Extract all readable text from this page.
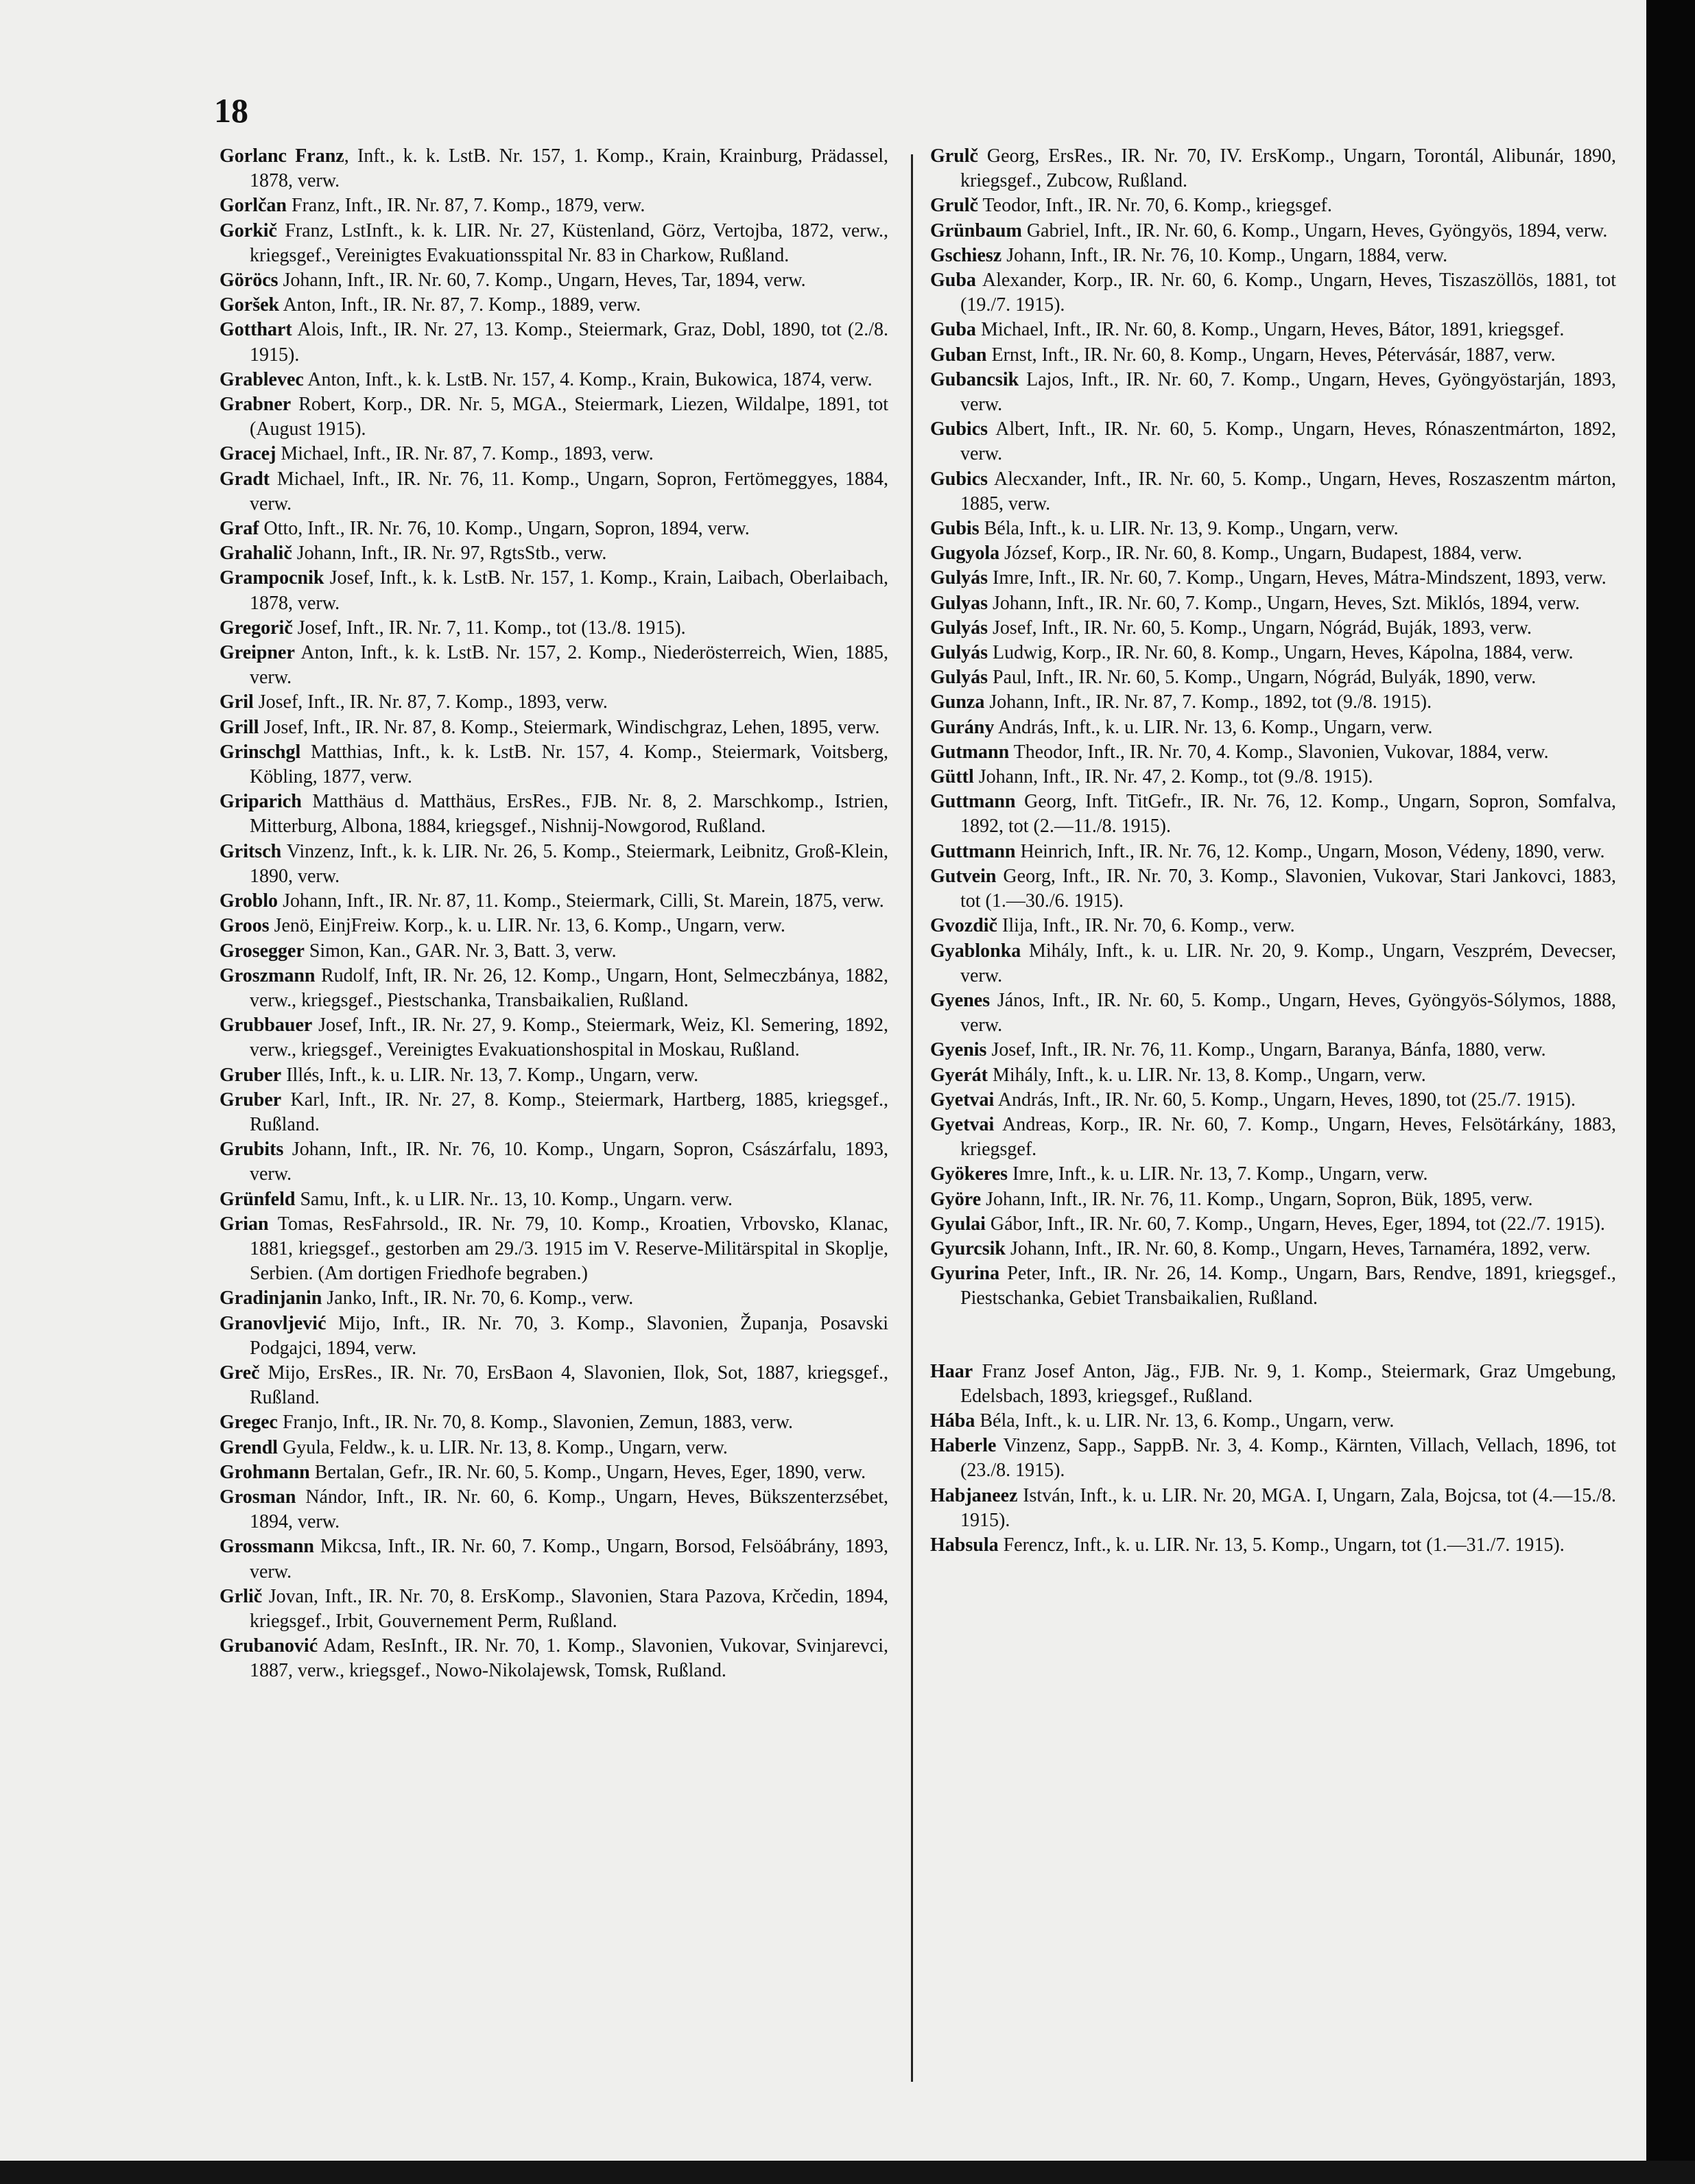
18
Gorlanc Franz, Inft., k. k. LstB. Nr. 157, 1. Komp., Krain, Krainburg, Prädassel, 1878, verw.
Gorlčan Franz, Inft., IR. Nr. 87, 7. Komp., 1879, verw.
Gorkič Franz, LstInft., k. k. LIR. Nr. 27, Küstenland, Görz, Vertojba, 1872, verw., kriegsgef., Vereinigtes Evakuationsspital Nr. 83 in Charkow, Rußland.
Göröcs Johann, Inft., IR. Nr. 60, 7. Komp., Ungarn, Heves, Tar, 1894, verw.
Goršek Anton, Inft., IR. Nr. 87, 7. Komp., 1889, verw.
Gotthart Alois, Inft., IR. Nr. 27, 13. Komp., Steiermark, Graz, Dobl, 1890, tot (2./8. 1915).
Grablevec Anton, Inft., k. k. LstB. Nr. 157, 4. Komp., Krain, Bukowica, 1874, verw.
Grabner Robert, Korp., DR. Nr. 5, MGA., Steiermark, Liezen, Wildalpe, 1891, tot (August 1915).
Gracej Michael, Inft., IR. Nr. 87, 7. Komp., 1893, verw.
Gradt Michael, Inft., IR. Nr. 76, 11. Komp., Ungarn, Sopron, Fertömeggyes, 1884, verw.
Graf Otto, Inft., IR. Nr. 76, 10. Komp., Ungarn, Sopron, 1894, verw.
Grahalič Johann, Inft., IR. Nr. 97, RgtsStb., verw.
Grampocnik Josef, Inft., k. k. LstB. Nr. 157, 1. Komp., Krain, Laibach, Oberlaibach, 1878, verw.
Gregorič Josef, Inft., IR. Nr. 7, 11. Komp., tot (13./8. 1915).
Greipner Anton, Inft., k. k. LstB. Nr. 157, 2. Komp., Niederösterreich, Wien, 1885, verw.
Gril Josef, Inft., IR. Nr. 87, 7. Komp., 1893, verw.
Grill Josef, Inft., IR. Nr. 87, 8. Komp., Steiermark, Windischgraz, Lehen, 1895, verw.
Grinschgl Matthias, Inft., k. k. LstB. Nr. 157, 4. Komp., Steiermark, Voitsberg, Köbling, 1877, verw.
Griparich Matthäus d. Matthäus, ErsRes., FJB. Nr. 8, 2. Marschkomp., Istrien, Mitterburg, Albona, 1884, kriegsgef., Nishnij-Nowgorod, Rußland.
Gritsch Vinzenz, Inft., k. k. LIR. Nr. 26, 5. Komp., Steiermark, Leibnitz, Groß-Klein, 1890, verw.
Groblo Johann, Inft., IR. Nr. 87, 11. Komp., Steiermark, Cilli, St. Marein, 1875, verw.
Groos Jenö, EinjFreiw. Korp., k. u. LIR. Nr. 13, 6. Komp., Ungarn, verw.
Grosegger Simon, Kan., GAR. Nr. 3, Batt. 3, verw.
Groszmann Rudolf, Inft, IR. Nr. 26, 12. Komp., Ungarn, Hont, Selmeczbánya, 1882, verw., kriegsgef., Piestschanka, Transbaikalien, Rußland.
Grubbauer Josef, Inft., IR. Nr. 27, 9. Komp., Steiermark, Weiz, Kl. Semering, 1892, verw., kriegsgef., Vereinigtes Evakuationshospital in Moskau, Rußland.
Gruber Illés, Inft., k. u. LIR. Nr. 13, 7. Komp., Ungarn, verw.
Gruber Karl, Inft., IR. Nr. 27, 8. Komp., Steiermark, Hartberg, 1885, kriegsgef., Rußland.
Grubits Johann, Inft., IR. Nr. 76, 10. Komp., Ungarn, Sopron, Császárfalu, 1893, verw.
Grünfeld Samu, Inft., k. u LIR. Nr.. 13, 10. Komp., Ungarn. verw.
Grian Tomas, ResFahrsold., IR. Nr. 79, 10. Komp., Kroatien, Vrbovsko, Klanac, 1881, kriegsgef., gestorben am 29./3. 1915 im V. Reserve-Militärspital in Skoplje, Serbien. (Am dortigen Friedhofe begraben.)
Gradinjanin Janko, Inft., IR. Nr. 70, 6. Komp., verw.
Granovljević Mijo, Inft., IR. Nr. 70, 3. Komp., Slavonien, Županja, Posavski Podgajci, 1894, verw.
Greč Mijo, ErsRes., IR. Nr. 70, ErsBaon 4, Slavonien, Ilok, Sot, 1887, kriegsgef., Rußland.
Gregec Franjo, Inft., IR. Nr. 70, 8. Komp., Slavonien, Zemun, 1883, verw.
Grendl Gyula, Feldw., k. u. LIR. Nr. 13, 8. Komp., Ungarn, verw.
Grohmann Bertalan, Gefr., IR. Nr. 60, 5. Komp., Ungarn, Heves, Eger, 1890, verw.
Grosman Nándor, Inft., IR. Nr. 60, 6. Komp., Ungarn, Heves, Bükszenterzsébet, 1894, verw.
Grossmann Mikcsa, Inft., IR. Nr. 60, 7. Komp., Ungarn, Borsod, Felsöábrány, 1893, verw.
Grlič Jovan, Inft., IR. Nr. 70, 8. ErsKomp., Slavonien, Stara Pazova, Krčedin, 1894, kriegsgef., Irbit, Gouvernement Perm, Rußland.
Grubanović Adam, ResInft., IR. Nr. 70, 1. Komp., Slavonien, Vukovar, Svinjarevci, 1887, verw., kriegsgef., Nowo-Nikolajewsk, Tomsk, Rußland.
Grulč Georg, ErsRes., IR. Nr. 70, IV. ErsKomp., Ungarn, Torontál, Alibunár, 1890, kriegsgef., Zubcow, Rußland.
Grulč Teodor, Inft., IR. Nr. 70, 6. Komp., kriegsgef.
Grünbaum Gabriel, Inft., IR. Nr. 60, 6. Komp., Ungarn, Heves, Gyöngyös, 1894, verw.
Gschiesz Johann, Inft., IR. Nr. 76, 10. Komp., Ungarn, 1884, verw.
Guba Alexander, Korp., IR. Nr. 60, 6. Komp., Ungarn, Heves, Tiszaszöllös, 1881, tot (19./7. 1915).
Guba Michael, Inft., IR. Nr. 60, 8. Komp., Ungarn, Heves, Bátor, 1891, kriegsgef.
Guban Ernst, Inft., IR. Nr. 60, 8. Komp., Ungarn, Heves, Pétervásár, 1887, verw.
Gubancsik Lajos, Inft., IR. Nr. 60, 7. Komp., Ungarn, Heves, Gyöngyöstarján, 1893, verw.
Gubics Albert, Inft., IR. Nr. 60, 5. Komp., Ungarn, Heves, Rónaszentmárton, 1892, verw.
Gubics Alecxander, Inft., IR. Nr. 60, 5. Komp., Ungarn, Heves, Roszaszentm márton, 1885, verw.
Gubis Béla, Inft., k. u. LIR. Nr. 13, 9. Komp., Ungarn, verw.
Gugyola József, Korp., IR. Nr. 60, 8. Komp., Ungarn, Budapest, 1884, verw.
Gulyás Imre, Inft., IR. Nr. 60, 7. Komp., Ungarn, Heves, Mátra-Mindszent, 1893, verw.
Gulyas Johann, Inft., IR. Nr. 60, 7. Komp., Ungarn, Heves, Szt. Miklós, 1894, verw.
Gulyás Josef, Inft., IR. Nr. 60, 5. Komp., Ungarn, Nógrád, Buják, 1893, verw.
Gulyás Ludwig, Korp., IR. Nr. 60, 8. Komp., Ungarn, Heves, Kápolna, 1884, verw.
Gulyás Paul, Inft., IR. Nr. 60, 5. Komp., Ungarn, Nógrád, Bulyák, 1890, verw.
Gunza Johann, Inft., IR. Nr. 87, 7. Komp., 1892, tot (9./8. 1915).
Gurány András, Inft., k. u. LIR. Nr. 13, 6. Komp., Ungarn, verw.
Gutmann Theodor, Inft., IR. Nr. 70, 4. Komp., Slavonien, Vukovar, 1884, verw.
Güttl Johann, Inft., IR. Nr. 47, 2. Komp., tot (9./8. 1915).
Guttmann Georg, Inft. TitGefr., IR. Nr. 76, 12. Komp., Ungarn, Sopron, Somfalva, 1892, tot (2.—11./8. 1915).
Guttmann Heinrich, Inft., IR. Nr. 76, 12. Komp., Ungarn, Moson, Védeny, 1890, verw.
Gutvein Georg, Inft., IR. Nr. 70, 3. Komp., Slavonien, Vukovar, Stari Jankovci, 1883, tot (1.—30./6. 1915).
Gvozdič Ilija, Inft., IR. Nr. 70, 6. Komp., verw.
Gyablonka Mihály, Inft., k. u. LIR. Nr. 20, 9. Komp., Ungarn, Veszprém, Devecser, verw.
Gyenes János, Inft., IR. Nr. 60, 5. Komp., Ungarn, Heves, Gyöngyös-Sólymos, 1888, verw.
Gyenis Josef, Inft., IR. Nr. 76, 11. Komp., Ungarn, Baranya, Bánfa, 1880, verw.
Gyerát Mihály, Inft., k. u. LIR. Nr. 13, 8. Komp., Ungarn, verw.
Gyetvai András, Inft., IR. Nr. 60, 5. Komp., Ungarn, Heves, 1890, tot (25./7. 1915).
Gyetvai Andreas, Korp., IR. Nr. 60, 7. Komp., Ungarn, Heves, Felsötárkány, 1883, kriegsgef.
Gyökeres Imre, Inft., k. u. LIR. Nr. 13, 7. Komp., Ungarn, verw.
Györe Johann, Inft., IR. Nr. 76, 11. Komp., Ungarn, Sopron, Bük, 1895, verw.
Gyulai Gábor, Inft., IR. Nr. 60, 7. Komp., Ungarn, Heves, Eger, 1894, tot (22./7. 1915).
Gyurcsik Johann, Inft., IR. Nr. 60, 8. Komp., Ungarn, Heves, Tarnaméra, 1892, verw.
Gyurina Peter, Inft., IR. Nr. 26, 14. Komp., Ungarn, Bars, Rendve, 1891, kriegsgef., Piestschanka, Gebiet Transbaikalien, Rußland.
Haar Franz Josef Anton, Jäg., FJB. Nr. 9, 1. Komp., Steiermark, Graz Umgebung, Edelsbach, 1893, kriegsgef., Rußland.
Hába Béla, Inft., k. u. LIR. Nr. 13, 6. Komp., Ungarn, verw.
Haberle Vinzenz, Sapp., SappB. Nr. 3, 4. Komp., Kärnten, Villach, Vellach, 1896, tot (23./8. 1915).
Habjaneez István, Inft., k. u. LIR. Nr. 20, MGA. I, Ungarn, Zala, Bojcsa, tot (4.—15./8. 1915).
Habsula Ferencz, Inft., k. u. LIR. Nr. 13, 5. Komp., Ungarn, tot (1.—31./7. 1915).
